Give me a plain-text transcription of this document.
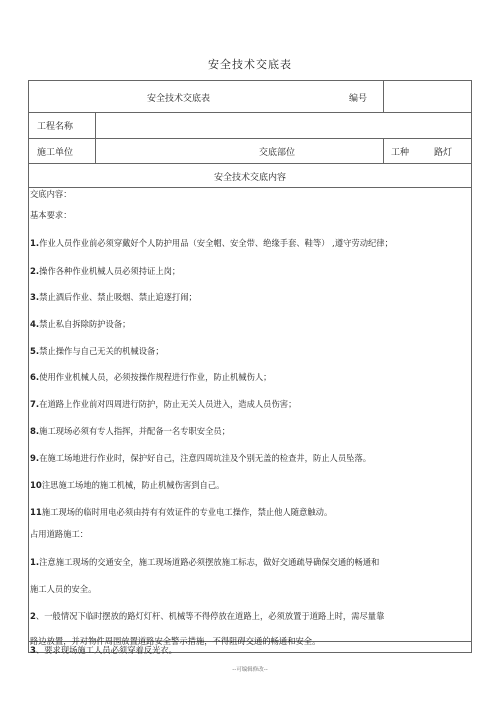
安全技术交底表
安全技术交底表	编号
工程名称
施工单位	交底部位	工种	路灯
安全技术交底内容
交底内容：
基本要求：
1.作业人员作业前必须穿戴好个人防护用品（安全帽、安全带、绝缘手套、鞋等） ,遵守劳动纪律；
2.操作各种作业机械人员必须持证上岗；
3.禁止酒后作业、禁止吸烟、禁止追逐打闹；
4.禁止私自拆除防护设备；
5.禁止操作与自己无关的机械设备；
6.使用作业机械人员，必须按操作规程进行作业，防止机械伤人；
7.在道路上作业前对四周进行防护，防止无关人员进入，造成人员伤害；
8.施工现场必须有专人指挥，并配备一名专职安全员；
9.在施工场地进行作业时，保护好自己，注意四周坑洼及个别无盖的检查井，防止人员坠落。
10注思施工场地的施工机械，防止机械伤害到自己。
11施工现场的临时用电必须由持有有效证件的专业电工操作，禁止他人随意触动。
占用道路施工：
1.注意施工现场的交通安全，施工现场道路必须摆放施工标志，做好交通疏导确保交通的畅通和
施工人员的安全。
2、一般情况下临时摆放的路灯灯杆、机械等不得停放在道路上，必须放置于道路上时，需尽量靠
路边放置，并对物件周围放置道路安全警示措施，不得阻碍交通的畅通和安全。
3、要求现场施工人员必须穿着反光衣。
--可编辑修改--
